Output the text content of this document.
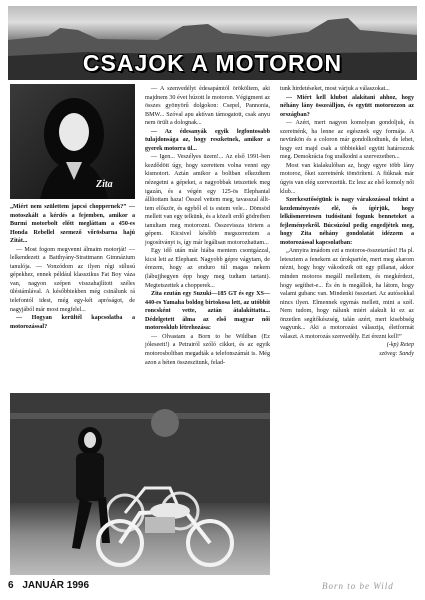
CSAJOK A MOTORON
Zita

„Miért nem születtem japcsi choppernek?” — motoszkált a kérdés a fejemben, amikor a Burmi motorbolt előtt megláttam a 450-es Honda Rebellel szemező vőrösbarna hajú Zitát...

— Most fogom megvenni álmaim motorját! — lelkendezett a Batthyány-Strattmann Gimnázium tanulója. — Vonzódom az ilyen régi stílusú gépekhez, ennek például klasszikus Fat Boy váza van, nagyon szépen visszahajlított széles üléstámlával. A későbbiekben még csinálunk rá telefontól idest, még egy-két apróságot, de nagyjából már most megfelel...

— Hogyan kerültél kapcsolatba a motorozással?

— A szenvedélyt édesapámtól örököltem, aki majdnem 30 évet húzott le motoron. Végigment az összes gyönyörű dolgokon: Csepel, Pannonia, BMW... Szóval apu aktívan támogatott, csak anyu nem örült a dolognak...

— Az édesanyák egyik legfontosabb tulajdonsága az, hogy reszketnek, amikor a gyerek motorra ül...

— Igen... Veszélyes üzem!... Az első 1991-ben kezdődött úgy, hogy szerettem volna venni egy kismotort. Aztán amikor a boltban elkezdtem nézegetni a gépeket, a nagyobbak tetszettek meg igazán, és a végén egy 125-ös Elephantal állítottam haza! Összel vettem meg, tavasszal állttem először, és egyből el is estem vele... Dömsöd mellett van egy telkünk, és a közeli erdő gödreiben tanultam meg motorozni. Összevissza törtem a gépem. Kicsivel később megszereztem a jogosítványt is, így már legálisan motorozhattam...

Egy idő után már hiába mentem csontgázzal, kicsi lett az Elephant. Nagyobb gépre vágytam, de érezem, hogy az enduro túl magas nekem (lábujjhegyen épp hogy meg tudtam tartani). Megtetszettek a chopperek...

Zita ezután egy Suzuki—185 GT és egy XS—440-es Yamaha boldog birtokosa lett, az utóbbit roncsként vette, aztán átalakíttatta... Dédelgetett álma az első magyar női motorosklub létrehozása:

— Olvastam a Born to be Wildban (Ez jóleseett!) a Petrairól szóló cikket, és az egyik motorosboltban megadták a telefonszámát is. Még azon a héten összeszitunk, felad-

tunk hirdetéseket, most várjuk a válaszokat...

— Miért kell klubot alakítani ahhoz, hogy néhány lány összeálljon, és együtt motorozzon az országban?

— Azért, mert nagyon komolyan gondoljuk, és szeretnénk, ha lenne az egésznek egy formája. A nevünkön és a coloron már gondolkodtunk, de lehet, hogy ezt majd csak a többiekkel együtt határozzuk meg. Demokrácia fog uralkodni a szervezetben...

Most van kialakulóban az, hogy egyre több lány motoroz, őket szeretnénk tömöríteni. A fiúknak már úgyis van elég szervezetük. Ez lesz az első komoly női klub...

Szerkesztőségünk is nagy várakozással tekint a kezdeményezés elé, és ígérjük, hogy lelkiismeretesen tudósítani fogunk benneteket a fejleményekről. Búcsúzóul pedig engedjétek meg, hogy Zita néhány gondolatát idézzem a motorozással kapcsolatban:

„Annyira imádom ezt a motoros-összetartást! Ha pl. letesztem a fenekem az úrokpartón, mert meg akarom nézni, hogy hogy vákodozik ott egy pillanat, akkor minden motoros megáll mellettem, és megkérdezi, hogy segíthet-e... És én is megállok, ha látom, hogy valami gubanc van. Mindenki összetart. Az autósokkal nincs ilyen. Elmennek egymás mellett, mint a szél. Nem tudom, hogy nálunk miért alakult ki ez az önzetlen segítőkészség, talán azért, mert kisebbség vagyunk... Aki a motorozást választja, életformát választ. A motorozás szenvedély. Ezt érezni kell!”

(-kp) Retep

szöveg: Sandy

6 JANUÁR 1996	Born to be Wild
